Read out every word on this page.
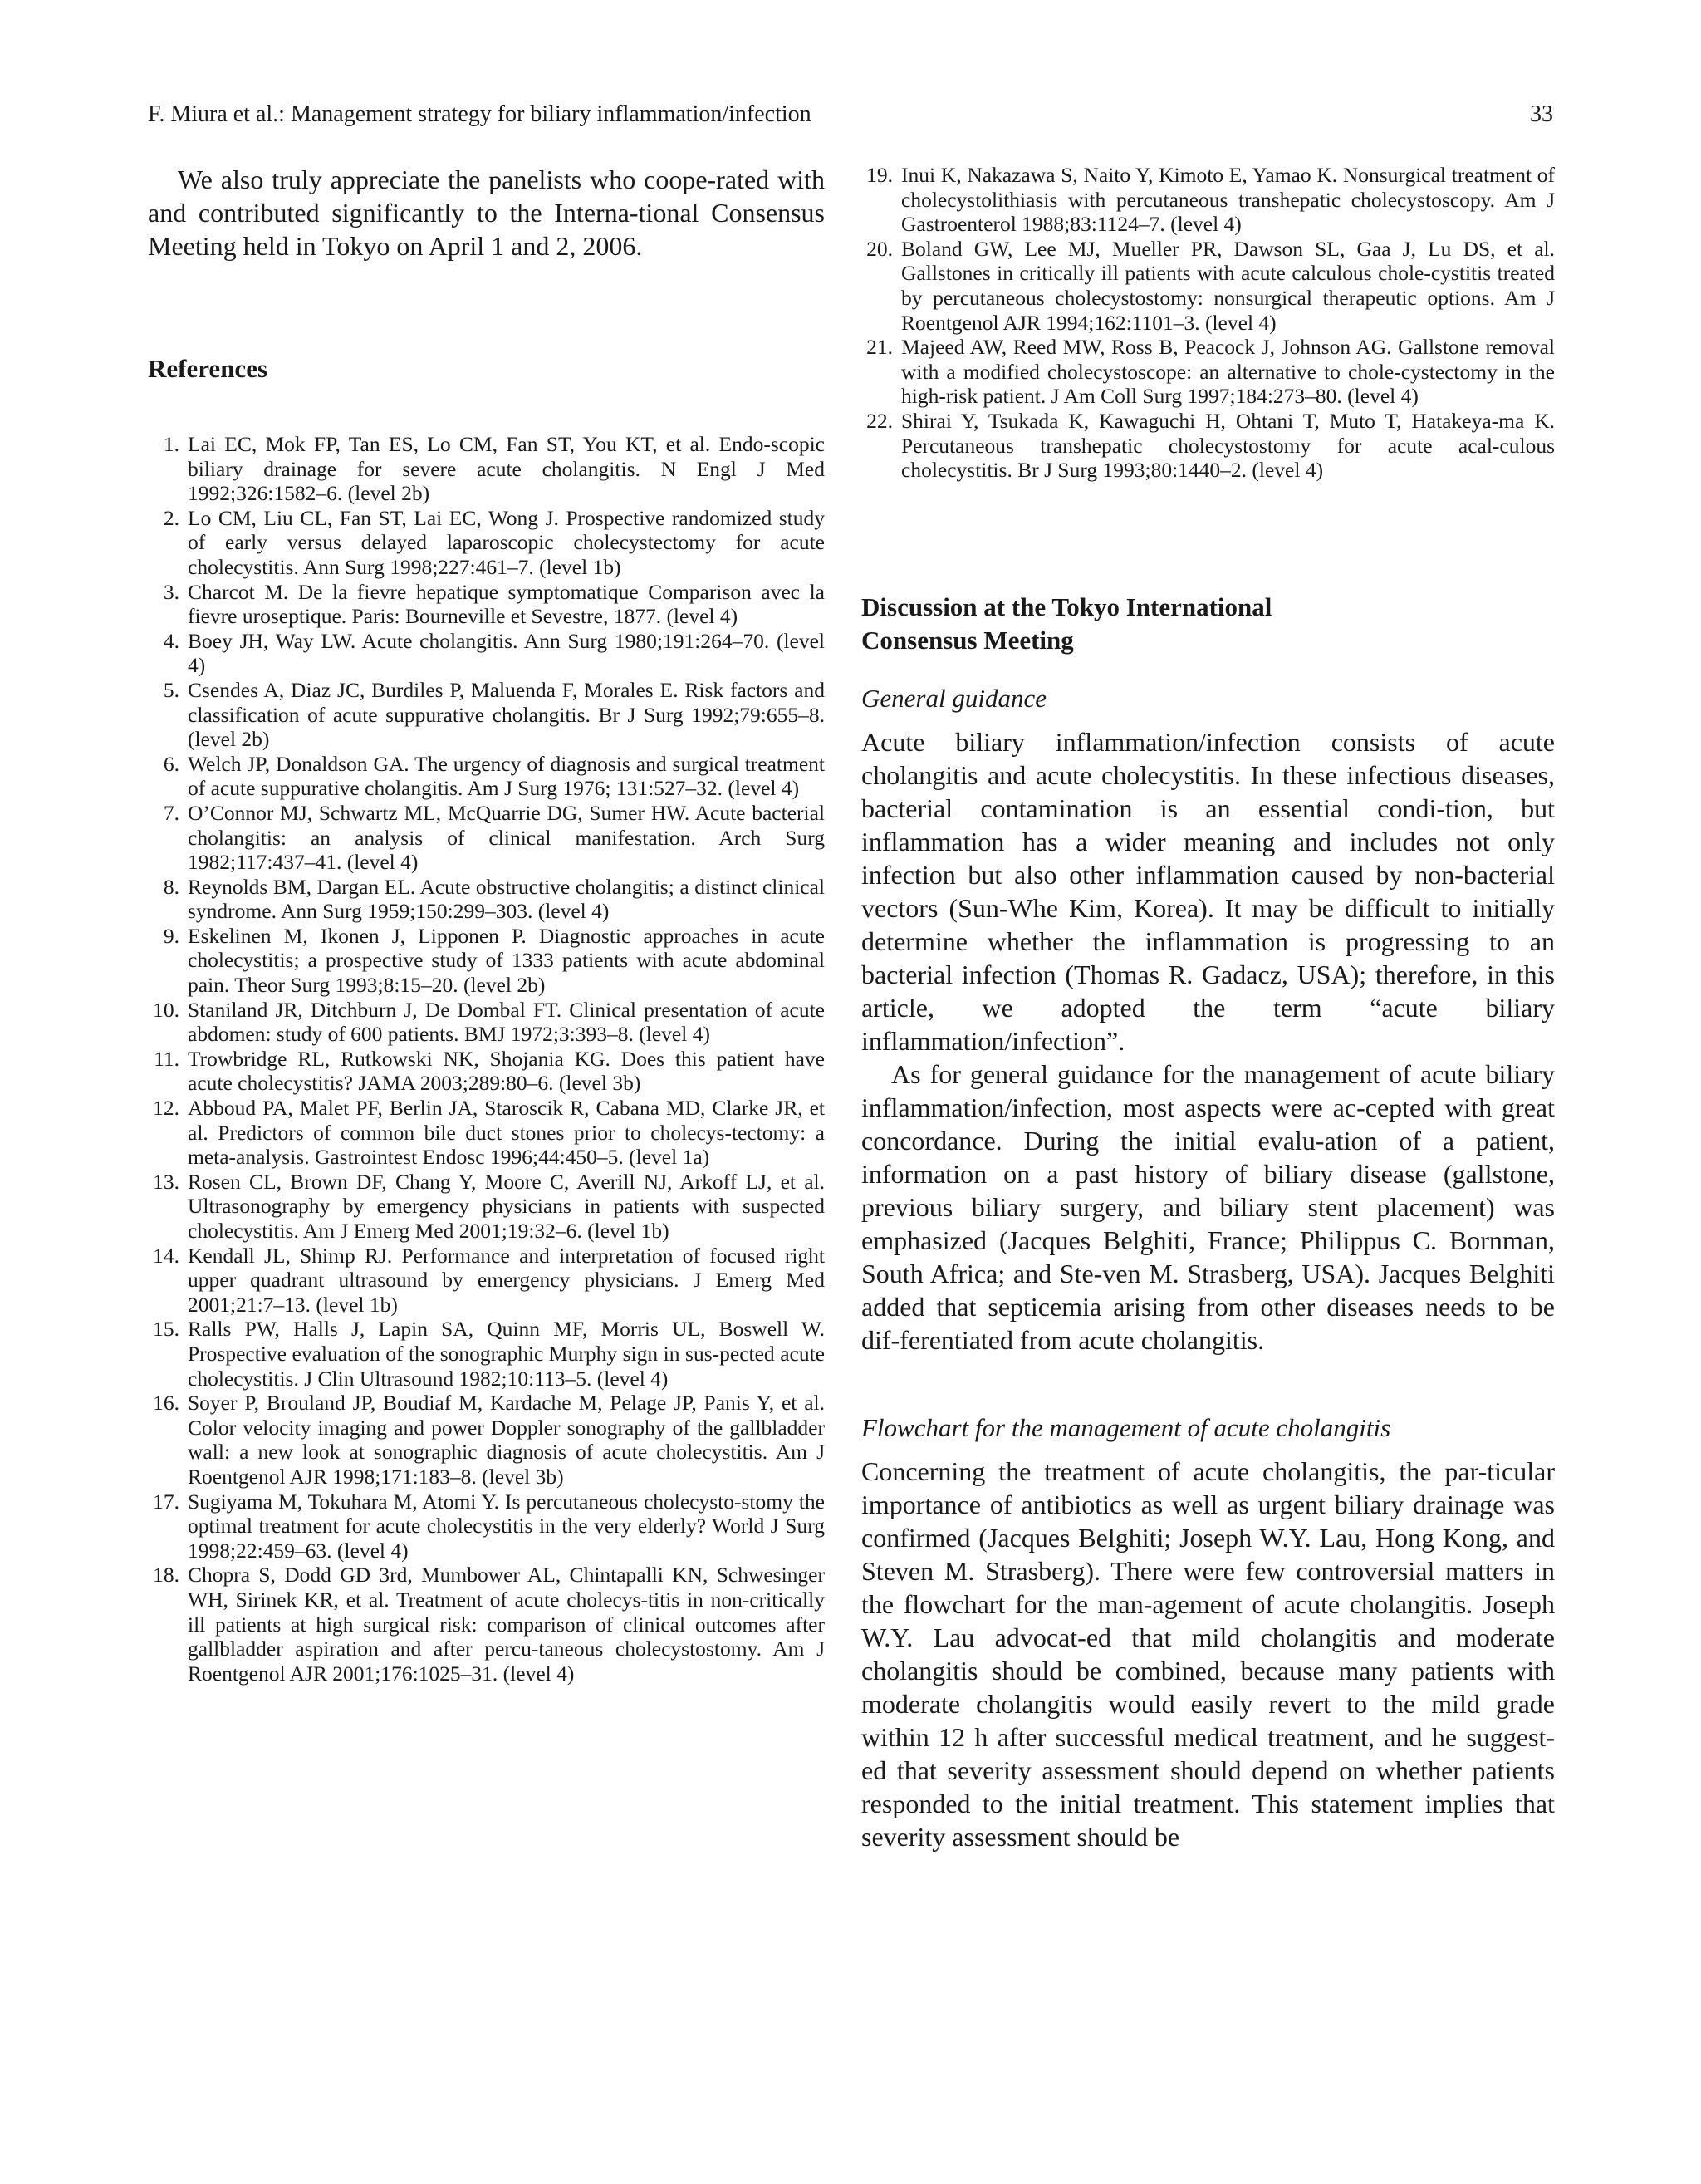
F. Miura et al.: Management strategy for biliary inflammation/infection	33

We also truly appreciate the panelists who coope-rated with and contributed significantly to the Interna-tional Consensus Meeting held in Tokyo on April 1 and 2, 2006.

References
1. Lai EC, Mok FP, Tan ES, Lo CM, Fan ST, You KT, et al. Endo-scopic biliary drainage for severe acute cholangitis. N Engl J Med 1992;326:1582–6. (level 2b)
2. Lo CM, Liu CL, Fan ST, Lai EC, Wong J. Prospective randomized study of early versus delayed laparoscopic cholecystectomy for acute cholecystitis. Ann Surg 1998;227:461–7. (level 1b)
3. Charcot M. De la fievre hepatique symptomatique Comparison avec la fievre uroseptique. Paris: Bourneville et Sevestre, 1877. (level 4)
4. Boey JH, Way LW. Acute cholangitis. Ann Surg 1980;191:264–70. (level 4)
5. Csendes A, Diaz JC, Burdiles P, Maluenda F, Morales E. Risk factors and classification of acute suppurative cholangitis. Br J Surg 1992;79:655–8. (level 2b)
6. Welch JP, Donaldson GA. The urgency of diagnosis and surgical treatment of acute suppurative cholangitis. Am J Surg 1976; 131:527–32. (level 4)
7. O’Connor MJ, Schwartz ML, McQuarrie DG, Sumer HW. Acute bacterial cholangitis: an analysis of clinical manifestation. Arch Surg 1982;117:437–41. (level 4)
8. Reynolds BM, Dargan EL. Acute obstructive cholangitis; a distinct clinical syndrome. Ann Surg 1959;150:299–303. (level 4)
9. Eskelinen M, Ikonen J, Lipponen P. Diagnostic approaches in acute cholecystitis; a prospective study of 1333 patients with acute abdominal pain. Theor Surg 1993;8:15–20. (level 2b)
10. Staniland JR, Ditchburn J, De Dombal FT. Clinical presentation of acute abdomen: study of 600 patients. BMJ 1972;3:393–8. (level 4)
11. Trowbridge RL, Rutkowski NK, Shojania KG. Does this patient have acute cholecystitis? JAMA 2003;289:80–6. (level 3b)
12. Abboud PA, Malet PF, Berlin JA, Staroscik R, Cabana MD, Clarke JR, et al. Predictors of common bile duct stones prior to cholecys-tectomy: a meta-analysis. Gastrointest Endosc 1996;44:450–5. (level 1a)
13. Rosen CL, Brown DF, Chang Y, Moore C, Averill NJ, Arkoff LJ, et al. Ultrasonography by emergency physicians in patients with suspected cholecystitis. Am J Emerg Med 2001;19:32–6. (level 1b)
14. Kendall JL, Shimp RJ. Performance and interpretation of focused right upper quadrant ultrasound by emergency physicians. J Emerg Med 2001;21:7–13. (level 1b)
15. Ralls PW, Halls J, Lapin SA, Quinn MF, Morris UL, Boswell W. Prospective evaluation of the sonographic Murphy sign in sus-pected acute cholecystitis. J Clin Ultrasound 1982;10:113–5. (level 4)
16. Soyer P, Brouland JP, Boudiaf M, Kardache M, Pelage JP, Panis Y, et al. Color velocity imaging and power Doppler sonography of the gallbladder wall: a new look at sonographic diagnosis of acute cholecystitis. Am J Roentgenol AJR 1998;171:183–8. (level 3b)
17. Sugiyama M, Tokuhara M, Atomi Y. Is percutaneous cholecysto-stomy the optimal treatment for acute cholecystitis in the very elderly? World J Surg 1998;22:459–63. (level 4)
18. Chopra S, Dodd GD 3rd, Mumbower AL, Chintapalli KN, Schwesinger WH, Sirinek KR, et al. Treatment of acute cholecys-titis in non-critically ill patients at high surgical risk: comparison of clinical outcomes after gallbladder aspiration and after percu-taneous cholecystostomy. Am J Roentgenol AJR 2001;176:1025–31. (level 4)
19. Inui K, Nakazawa S, Naito Y, Kimoto E, Yamao K. Nonsurgical treatment of cholecystolithiasis with percutaneous transhepatic cholecystoscopy. Am J Gastroenterol 1988;83:1124–7. (level 4)
20. Boland GW, Lee MJ, Mueller PR, Dawson SL, Gaa J, Lu DS, et al. Gallstones in critically ill patients with acute calculous chole-cystitis treated by percutaneous cholecystostomy: nonsurgical therapeutic options. Am J Roentgenol AJR 1994;162:1101–3. (level 4)
21. Majeed AW, Reed MW, Ross B, Peacock J, Johnson AG. Gallstone removal with a modified cholecystoscope: an alternative to chole-cystectomy in the high-risk patient. J Am Coll Surg 1997;184:273–80. (level 4)
22. Shirai Y, Tsukada K, Kawaguchi H, Ohtani T, Muto T, Hatakeya-ma K. Percutaneous transhepatic cholecystostomy for acute acal-culous cholecystitis. Br J Surg 1993;80:1440–2. (level 4)
Discussion at the Tokyo International
Consensus Meeting
General guidance

Acute biliary inflammation/infection consists of acute cholangitis and acute cholecystitis. In these infectious diseases, bacterial contamination is an essential condi-tion, but inflammation has a wider meaning and includes not only infection but also other inflammation caused by non-bacterial vectors (Sun-Whe Kim, Korea). It may be difficult to initially determine whether the inflammation is progressing to an bacterial infection (Thomas R. Gadacz, USA); therefore, in this article, we adopted the term “acute biliary inflammation/infection”.

As for general guidance for the management of acute biliary inflammation/infection, most aspects were ac-cepted with great concordance. During the initial evalu-ation of a patient, information on a past history of biliary disease (gallstone, previous biliary surgery, and biliary stent placement) was emphasized (Jacques Belghiti, France; Philippus C. Bornman, South Africa; and Ste-ven M. Strasberg, USA). Jacques Belghiti added that septicemia arising from other diseases needs to be dif-ferentiated from acute cholangitis.

Flowchart for the management of acute cholangitis

Concerning the treatment of acute cholangitis, the par-ticular importance of antibiotics as well as urgent biliary drainage was confirmed (Jacques Belghiti; Joseph W.Y. Lau, Hong Kong, and Steven M. Strasberg). There were few controversial matters in the flowchart for the man-agement of acute cholangitis. Joseph W.Y. Lau advocat-ed that mild cholangitis and moderate cholangitis should be combined, because many patients with moderate cholangitis would easily revert to the mild grade within 12 h after successful medical treatment, and he suggest-ed that severity assessment should depend on whether patients responded to the initial treatment. This statement implies that severity assessment should be
